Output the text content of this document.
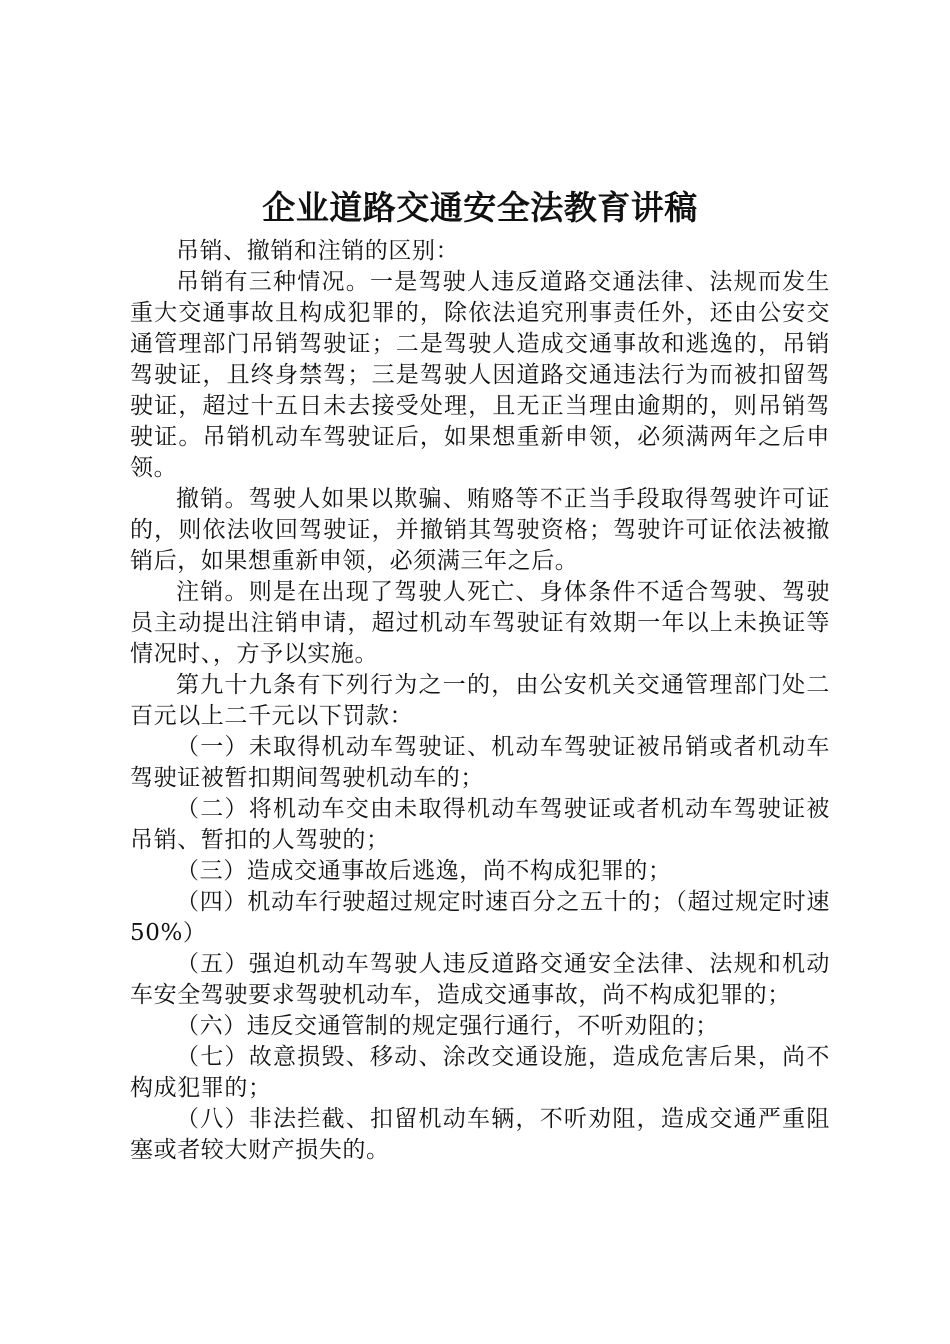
企业道路交通安全法教育讲稿

吊销、撤销和注销的区别：

吊销有三种情况。一是驾驶人违反道路交通法律、法规而发生重大交通事故且构成犯罪的，除依法追究刑事责任外，还由公安交通管理部门吊销驾驶证；二是驾驶人造成交通事故和逃逸的，吊销驾驶证，且终身禁驾；三是驾驶人因道路交通违法行为而被扣留驾驶证，超过十五日未去接受处理，且无正当理由逾期的，则吊销驾驶证。吊销机动车驾驶证后，如果想重新申领，必须满两年之后申领。

撤销。驾驶人如果以欺骗、贿赂等不正当手段取得驾驶许可证的，则依法收回驾驶证，并撤销其驾驶资格；驾驶许可证依法被撤销后，如果想重新申领，必须满三年之后。

注销。则是在出现了驾驶人死亡、身体条件不适合驾驶、驾驶员主动提出注销申请，超过机动车驾驶证有效期一年以上未换证等情况时、，方予以实施。

第九十九条有下列行为之一的，由公安机关交通管理部门处二百元以上二千元以下罚款：

（一）未取得机动车驾驶证、机动车驾驶证被吊销或者机动车驾驶证被暂扣期间驾驶机动车的；

（二）将机动车交由未取得机动车驾驶证或者机动车驾驶证被吊销、暂扣的人驾驶的；

（三）造成交通事故后逃逸，尚不构成犯罪的；

（四）机动车行驶超过规定时速百分之五十的；（超过规定时速50%）

（五）强迫机动车驾驶人违反道路交通安全法律、法规和机动车安全驾驶要求驾驶机动车，造成交通事故，尚不构成犯罪的；

（六）违反交通管制的规定强行通行，不听劝阻的；

（七）故意损毁、移动、涂改交通设施，造成危害后果，尚不构成犯罪的；

（八）非法拦截、扣留机动车辆，不听劝阻，造成交通严重阻塞或者较大财产损失的。
